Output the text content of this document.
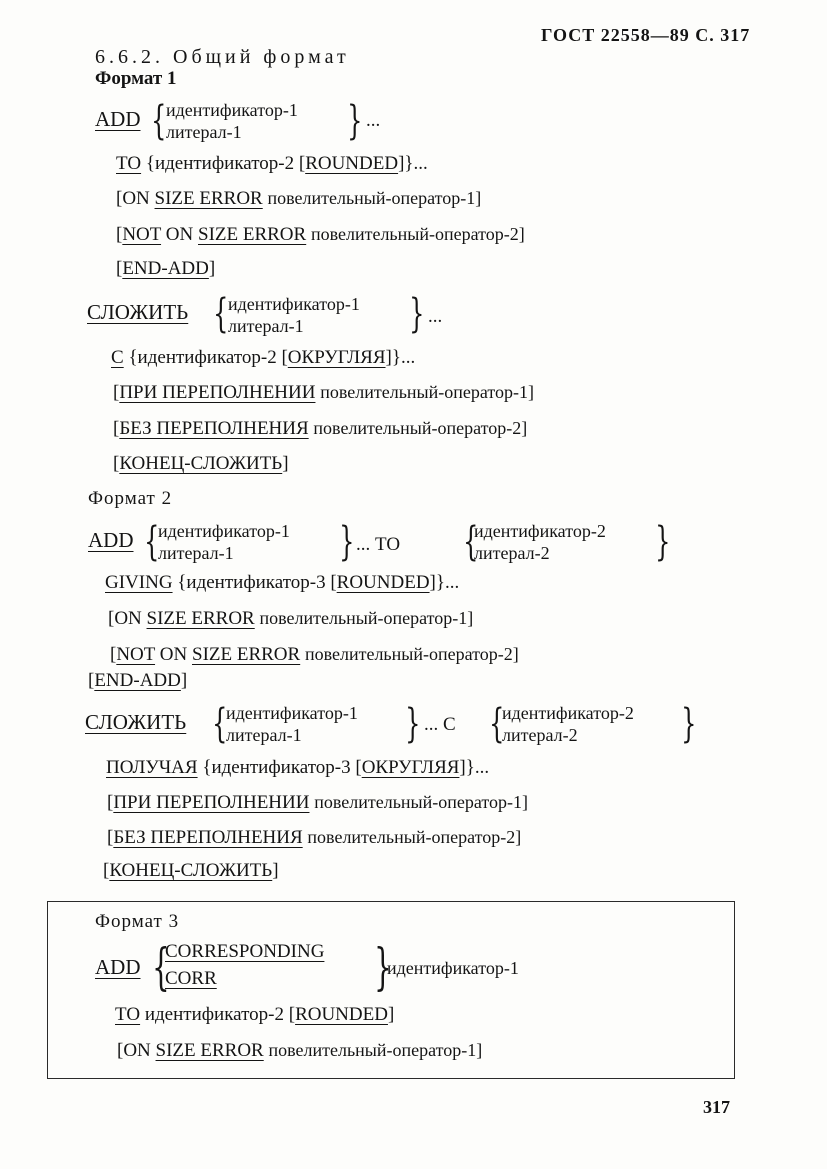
ГОСТ 22558—89 С. 317
6.6.2. Общий формат
Формат 1
ADD { идентификатор-1
литерал-1	} ...
ТО {идентификатор-2 [ROUNDED]}...
[ON SIZE ERROR повелительный-оператор-1]
[NOT ON SIZE ERROR повелительный-оператор-2]
[END-ADD]
СЛОЖИТЬ { идентификатор-1
литерал-1	} ...
С {идентификатор-2 [ОКРУГЛЯЯ]}...
[ПРИ ПЕРЕПОЛНЕНИИ повелительный-оператор-1]
[БЕЗ ПЕРЕПОЛНЕНИЯ повелительный-оператор-2]
[КОНЕЦ-СЛОЖИТЬ]
Формат 2
ADD {
идентификатор-1
литерал-1	} ... ТО {
идентификатор-2
литерал-2	}
GIVING {идентификатор-3 [ROUNDED]}...
[ON SIZE ERROR повелительный-оператор-1]
[NOT ON SIZE ERROR повелительный-оператор-2]
[END-ADD]
СЛОЖИТЬ {
идентификатор-1
литерал-1	} ... С {
идентификатор-2
литерал-2	}
ПОЛУЧАЯ {идентификатор-3 [ОКРУГЛЯЯ]}...
[ПРИ ПЕРЕПОЛНЕНИИ повелительный-оператор-1]
[БЕЗ ПЕРЕПОЛНЕНИЯ повелительный-оператор-2]
[КОНЕЦ-СЛОЖИТЬ]
Формат 3
ADD {
CORRESPONDING
CORR	}
идентификатор-1
ТО идентификатор-2 [ROUNDED]
[ON SIZE ERROR повелительный-оператор-1]
317
